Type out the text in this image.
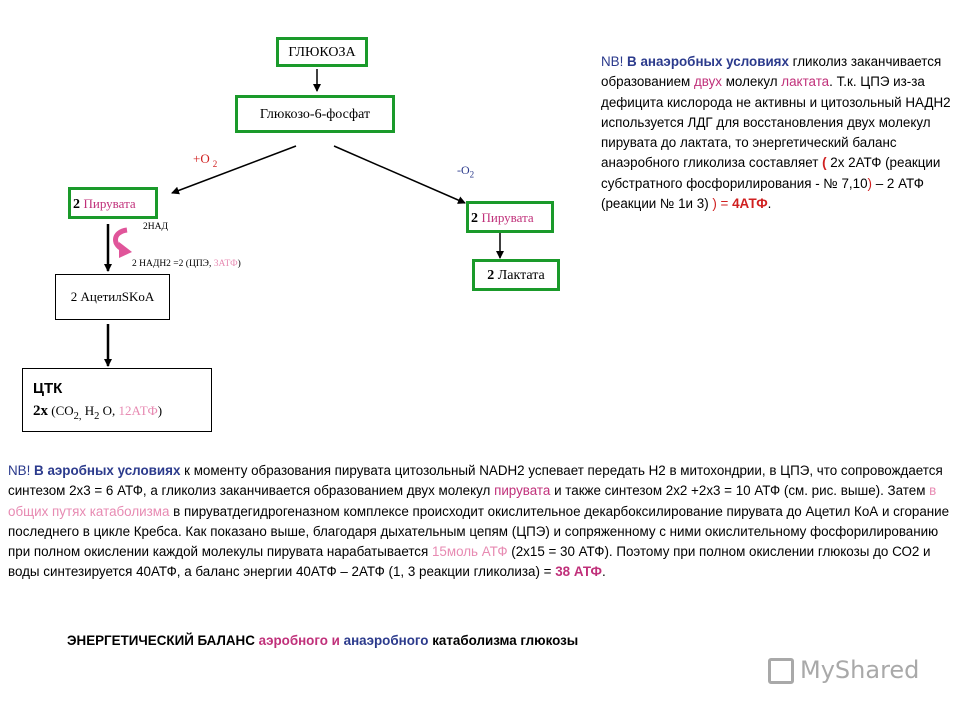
ГЛЮКОЗА
Глюкозо-6-фосфат
2 Пирувата
2 Пирувата
2 Лактата
2 АцетилSKoA
ЦТК
2х ($СО_{2,}$ $Н_2$ О, 12АТФ)
+О $_2$	$-О_2$
2НАД
2 НАДН2 =2 (ЦПЭ, 3АТФ)
NB! В анаэробных условиях гликолиз заканчивается образованием двух молекул лактата. Т.к. ЦПЭ из-за дефицита кислорода не активны и цитозольный НАДН2 используется ЛДГ для восстановления двух молекул пирувата до лактата, то энергетический баланс анаэробного гликолиза составляет ( 2х 2АТФ (реакции субстратного фосфорилирования - № 7,10) – 2 АТФ (реакции № 1и 3) ) = 4АТФ.
NB! В аэробных условиях к моменту образования пирувата цитозольный NADH2 успевает передать Н2 в митохондрии, в ЦПЭ, что сопровождается синтезом 2х3 = 6 АТФ, а гликолиз заканчивается образованием двух молекул пирувата и также синтезом 2х2 +2х3 = 10 АТФ (см. рис. выше). Затем в общих путях катаболизма в пируватдегидрогеназном комплексе происходит окислительное декарбоксилирование пирувата до Ацетил КоА и сгорание последнего в цикле Кребса. Как показано выше, благодаря дыхательным цепям (ЦПЭ) и сопряженному с ними окислительному фосфорилированию при полном окислении каждой молекулы пирувата нарабатывается 15моль АТФ (2х15 = 30 АТФ). Поэтому при полном окислении глюкозы до СО2 и воды синтезируется 40АТФ, а баланс энергии 40АТФ – 2АТФ (1, 3 реакции гликолиза) = 38 АТФ.
ЭНЕРГЕТИЧЕСКИЙ БАЛАНС аэробного и анаэробного катаболизма глюкозы
MyShared
